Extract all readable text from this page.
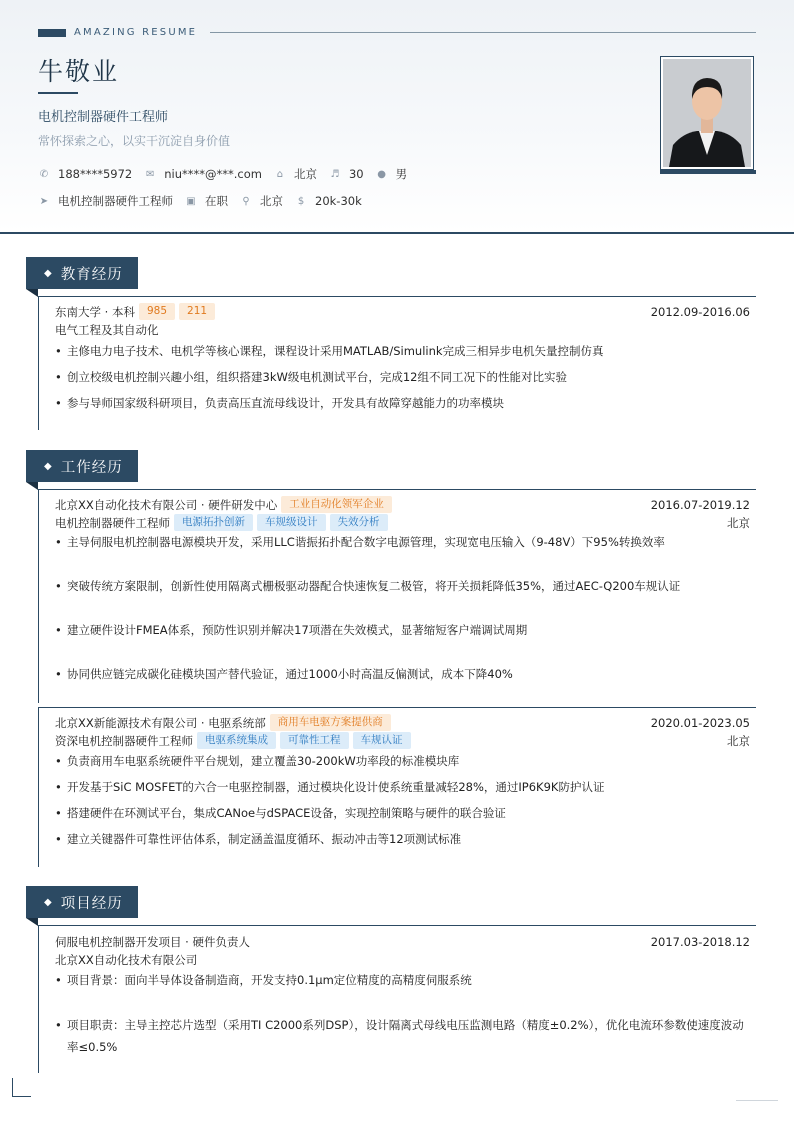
AMAZING RESUME
牛敬业
电机控制器硬件工程师
常怀探索之心，以实干沉淀自身价值
✆ 188****5972 ✉ niu****@***.com ⌂ 北京 ♬ 30 ● 男
➤ 电机控制器硬件工程师 ▣ 在职 ⚲ 北京 $ 20k-30k
◆ 教育经历
东南大学 · 本科	985	211	2012.09-2016.06
电气工程及其自动化
• 主修电力电子技术、电机学等核心课程，课程设计采用MATLAB/Simulink完成三相异步电机矢量控制仿真
• 创立校级电机控制兴趣小组，组织搭建3kW级电机测试平台，完成12组不同工况下的性能对比实验
• 参与导师国家级科研项目，负责高压直流母线设计，开发具有故障穿越能力的功率模块
◆ 工作经历
北京XX自动化技术有限公司 · 硬件研发中心	工业自动化领军企业	2016.07-2019.12
电机控制器硬件工程师	电源拓扑创新	车规级设计	失效分析	北京
• 主导伺服电机控制器电源模块开发，采用LLC谐振拓扑配合数字电源管理，实现宽电压输入（9-48V）下95%转换效率
• 突破传统方案限制，创新性使用隔离式栅极驱动器配合快速恢复二极管，将开关损耗降低35%，通过AEC-Q200车规认证
• 建立硬件设计FMEA体系，预防性识别并解决17项潜在失效模式，显著缩短客户端调试周期
• 协同供应链完成碳化硅模块国产替代验证，通过1000小时高温反偏测试，成本下降40%
北京XX新能源技术有限公司 · 电驱系统部	商用车电驱方案提供商	2020.01-2023.05
资深电机控制器硬件工程师	电驱系统集成	可靠性工程	车规认证	北京
• 负责商用车电驱系统硬件平台规划，建立覆盖30-200kW功率段的标准模块库
• 开发基于SiC MOSFET的六合一电驱控制器，通过模块化设计使系统重量减轻28%，通过IP6K9K防护认证
• 搭建硬件在环测试平台，集成CANoe与dSPACE设备，实现控制策略与硬件的联合验证
• 建立关键器件可靠性评估体系，制定涵盖温度循环、振动冲击等12项测试标准
◆ 项目经历
伺服电机控制器开发项目 · 硬件负责人	2017.03-2018.12
北京XX自动化技术有限公司
• 项目背景：面向半导体设备制造商，开发支持0.1μm定位精度的高精度伺服系统
• 项目职责：主导主控芯片选型（采用TI C2000系列DSP），设计隔离式母线电压监测电路（精度±0.2%），优化电流环参数使速度波动率≤0.5%
